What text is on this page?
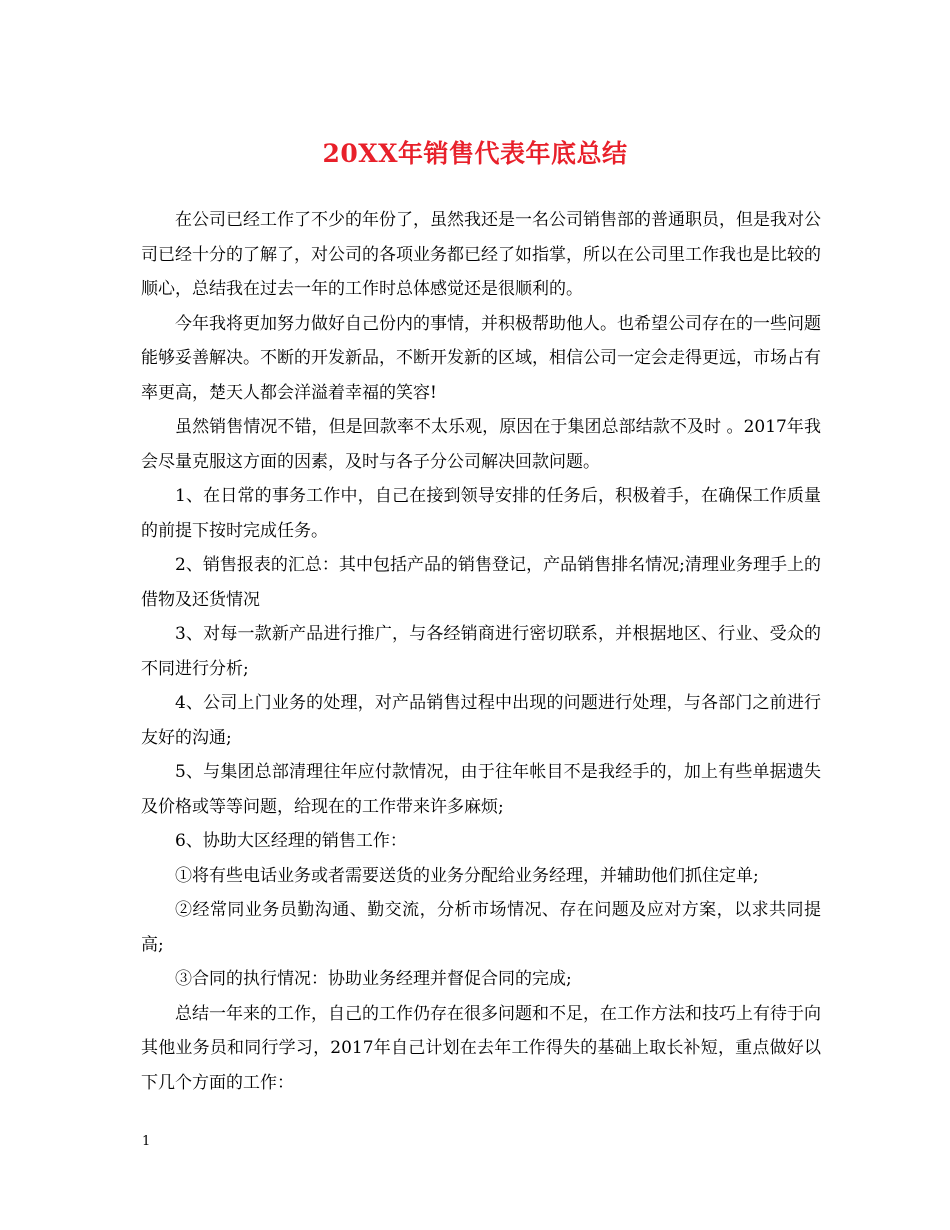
20XX年销售代表年底总结

在公司已经工作了不少的年份了，虽然我还是一名公司销售部的普通职员，但是我对公司已经十分的了解了，对公司的各项业务都已经了如指掌，所以在公司里工作我也是比较的顺心，总结我在过去一年的工作时总体感觉还是很顺利的。

今年我将更加努力做好自己份内的事情，并积极帮助他人。也希望公司存在的一些问题能够妥善解决。不断的开发新品，不断开发新的区域，相信公司一定会走得更远，市场占有率更高，楚天人都会洋溢着幸福的笑容!

虽然销售情况不错，但是回款率不太乐观，原因在于集团总部结款不及时 。2017年我会尽量克服这方面的因素，及时与各子分公司解决回款问题。

1、在日常的事务工作中，自己在接到领导安排的任务后，积极着手，在确保工作质量的前提下按时完成任务。

2、销售报表的汇总：其中包括产品的销售登记，产品销售排名情况;清理业务理手上的借物及还货情况

3、对每一款新产品进行推广，与各经销商进行密切联系，并根据地区、行业、受众的不同进行分析;

4、公司上门业务的处理，对产品销售过程中出现的问题进行处理，与各部门之前进行友好的沟通;

5、与集团总部清理往年应付款情况，由于往年帐目不是我经手的，加上有些单据遗失及价格或等等问题，给现在的工作带来许多麻烦;

6、协助大区经理的销售工作：

①将有些电话业务或者需要送货的业务分配给业务经理，并辅助他们抓住定单;

②经常同业务员勤沟通、勤交流，分析市场情况、存在问题及应对方案，以求共同提高;

③合同的执行情况：协助业务经理并督促合同的完成;

总结一年来的工作，自己的工作仍存在很多问题和不足，在工作方法和技巧上有待于向其他业务员和同行学习，2017年自己计划在去年工作得失的基础上取长补短，重点做好以下几个方面的工作：

1
